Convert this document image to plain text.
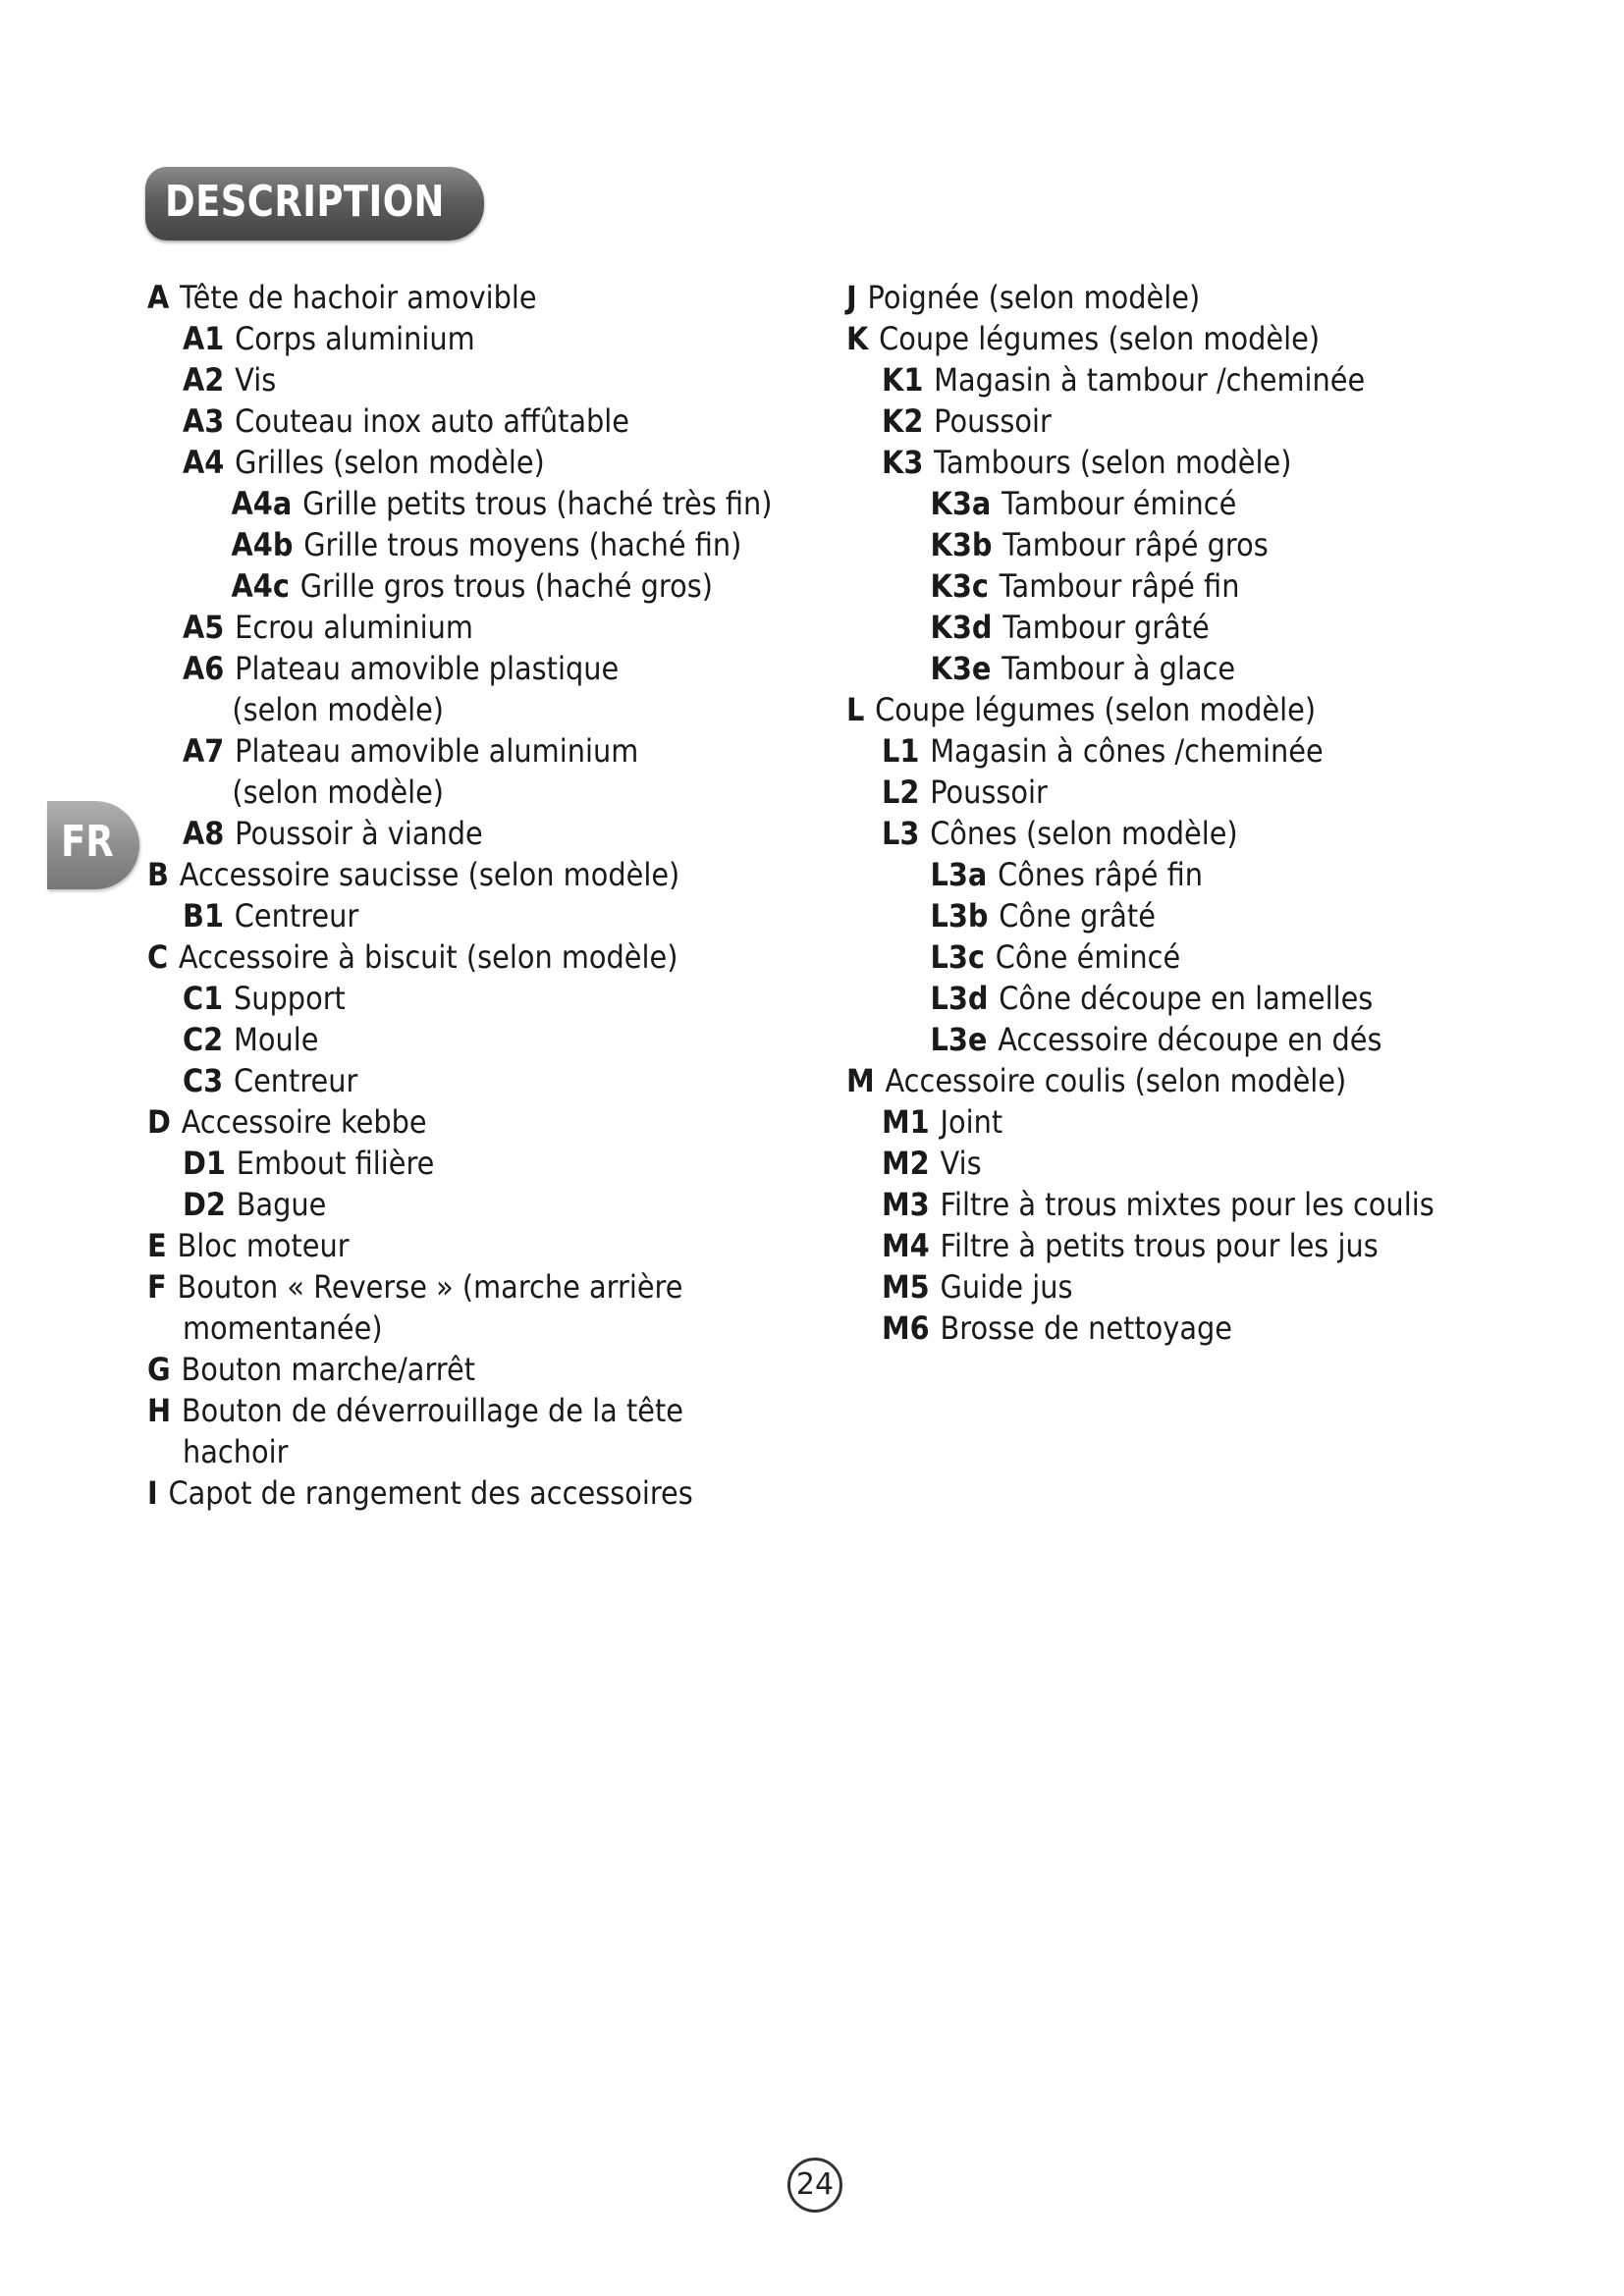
DESCRIPTION
FR
A Tête de hachoir amovible
A1 Corps aluminium
A2 Vis
A3 Couteau inox auto affûtable
A4 Grilles (selon modèle)
A4a Grille petits trous (haché très fin)
A4b Grille trous moyens (haché fin)
A4c Grille gros trous (haché gros)
A5 Ecrou aluminium
A6 Plateau amovible plastique
(selon modèle)
A7 Plateau amovible aluminium
(selon modèle)
A8 Poussoir à viande
B Accessoire saucisse (selon modèle)
B1 Centreur
C Accessoire à biscuit (selon modèle)
C1 Support
C2 Moule
C3 Centreur
D Accessoire kebbe
D1 Embout filière
D2 Bague
E Bloc moteur
F Bouton « Reverse » (marche arrière
momentanée)
G Bouton marche/arrêt
H Bouton de déverrouillage de la tête
hachoir
I Capot de rangement des accessoires
J Poignée (selon modèle)
K Coupe légumes (selon modèle)
K1 Magasin à tambour /cheminée
K2 Poussoir
K3 Tambours (selon modèle)
K3a Tambour émincé
K3b Tambour râpé gros
K3c Tambour râpé fin
K3d Tambour grâté
K3e Tambour à glace
L Coupe légumes (selon modèle)
L1 Magasin à cônes /cheminée
L2 Poussoir
L3 Cônes (selon modèle)
L3a Cônes râpé fin
L3b Cône grâté
L3c Cône émincé
L3d Cône découpe en lamelles
L3e Accessoire découpe en dés
M Accessoire coulis (selon modèle)
M1 Joint
M2 Vis
M3 Filtre à trous mixtes pour les coulis
M4 Filtre à petits trous pour les jus
M5 Guide jus
M6 Brosse de nettoyage
24
